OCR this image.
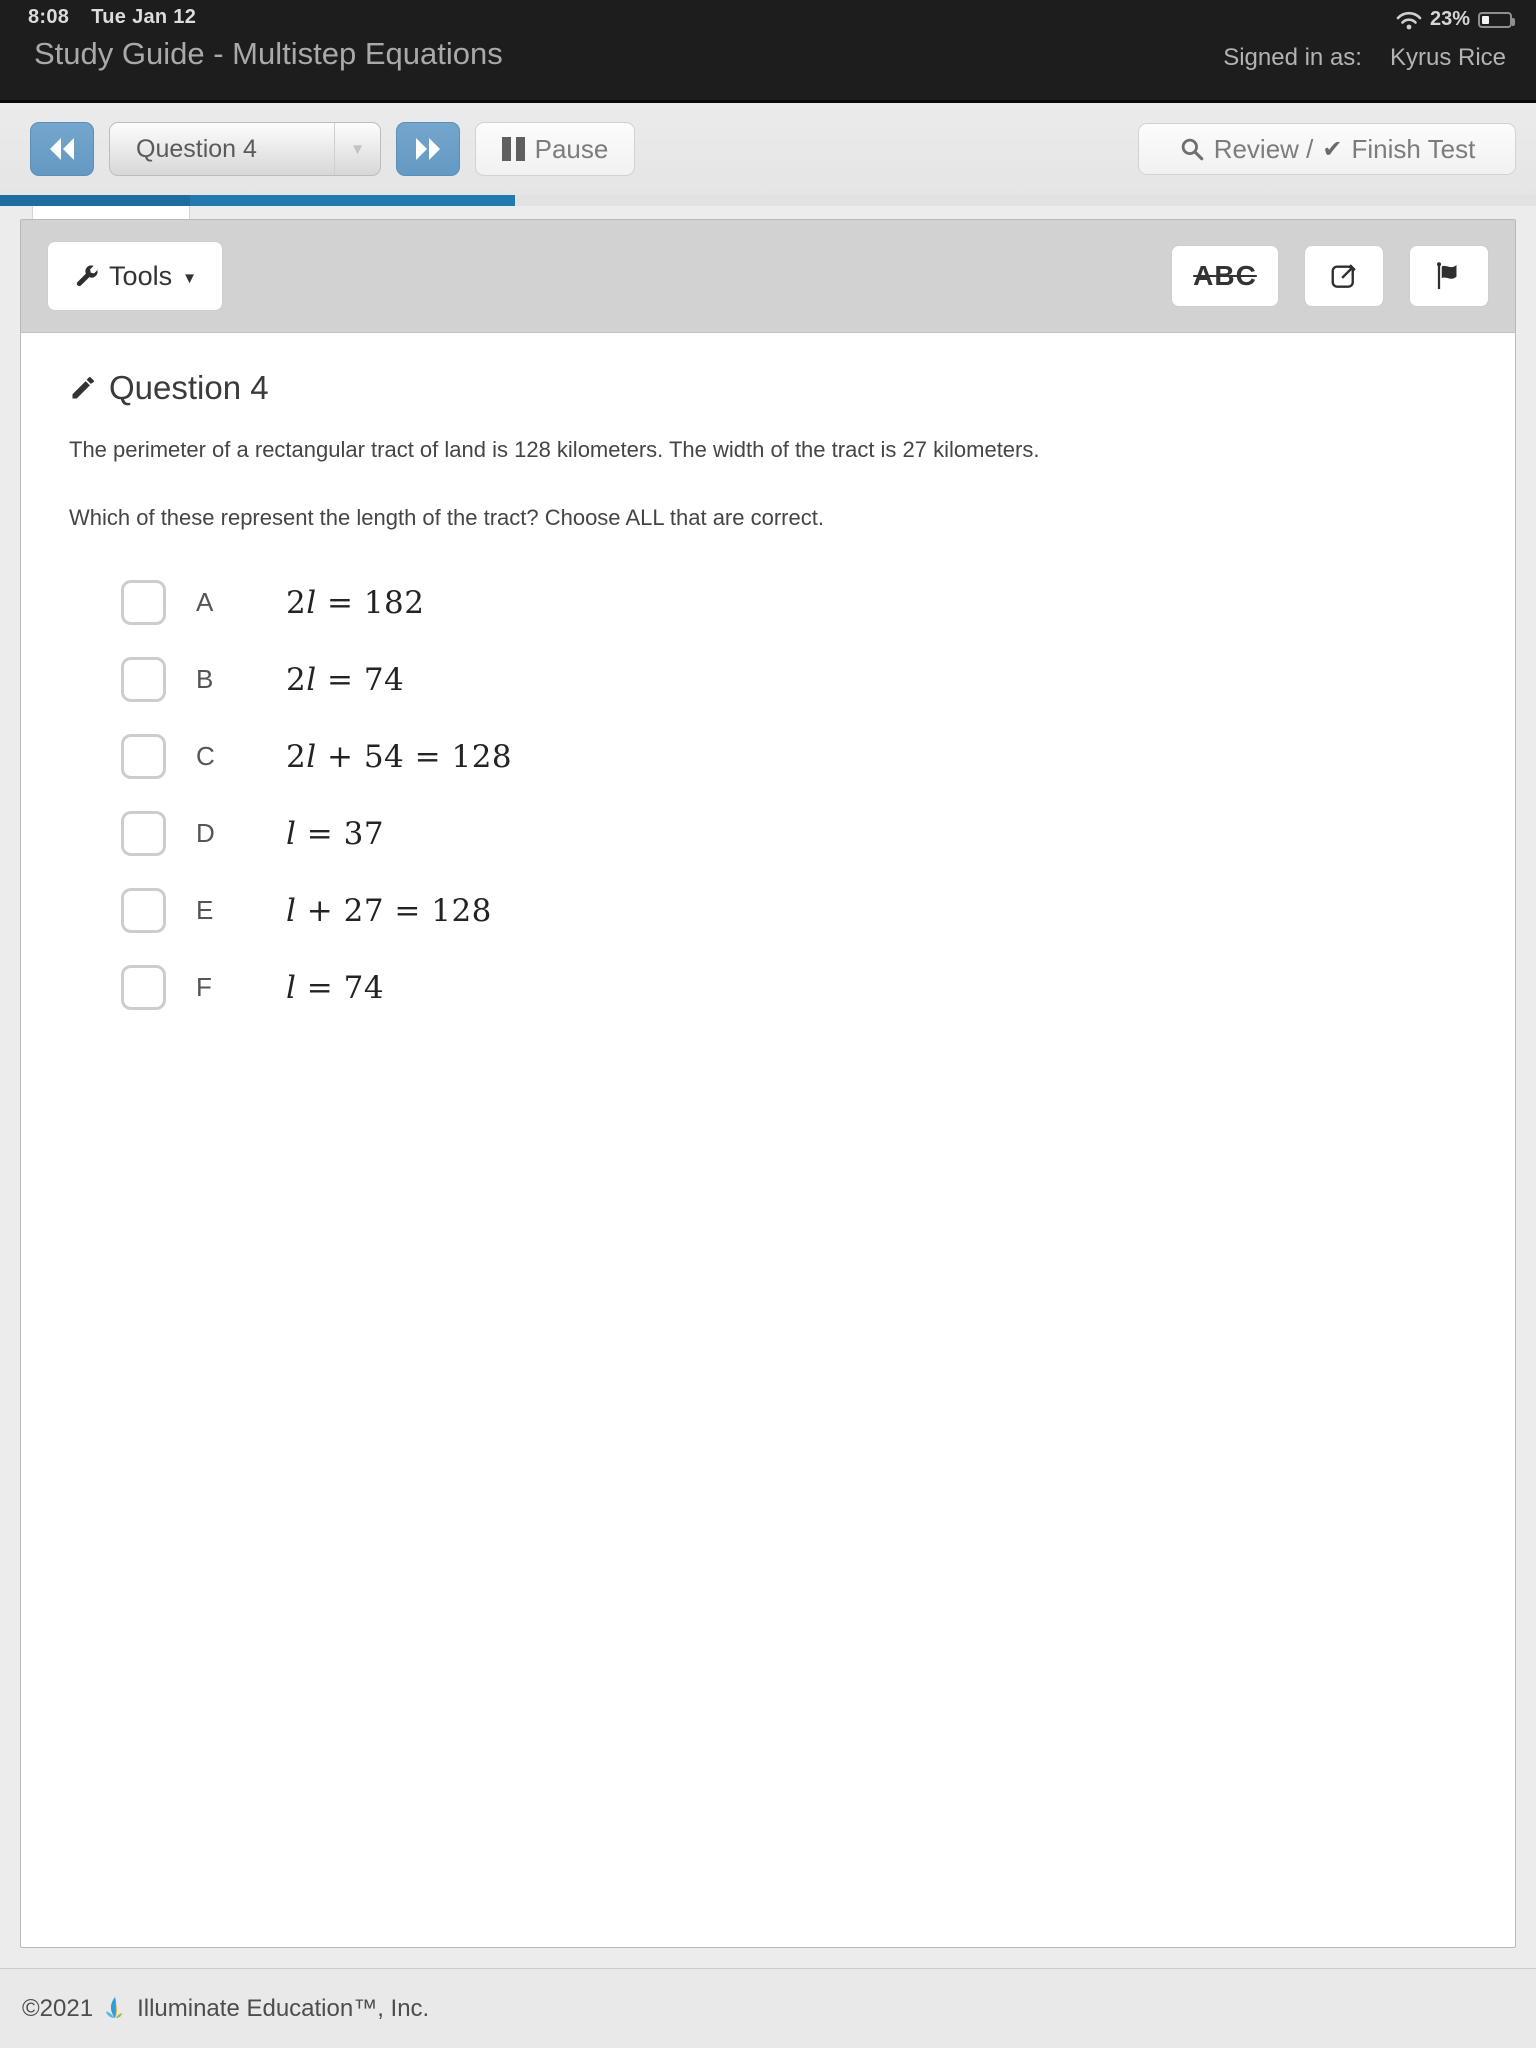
8:08 Tue Jan 12	23%
Study Guide - Multistep Equations	Signed in as: Kyrus Rice
Question 4	▼	Pause	Review / ✔ Finish Test
Tools ▼	ABC
Question 4

The perimeter of a rectangular tract of land is 128 kilometers. The width of the tract is 27 kilometers.

Which of these represent the length of the tract? Choose ALL that are correct.

A	2l = 182
B	2l = 74
C	2l + 54 = 128
D	l = 37
E	l + 27 = 128
F	l = 74
©2021 Illuminate Education™, Inc.
